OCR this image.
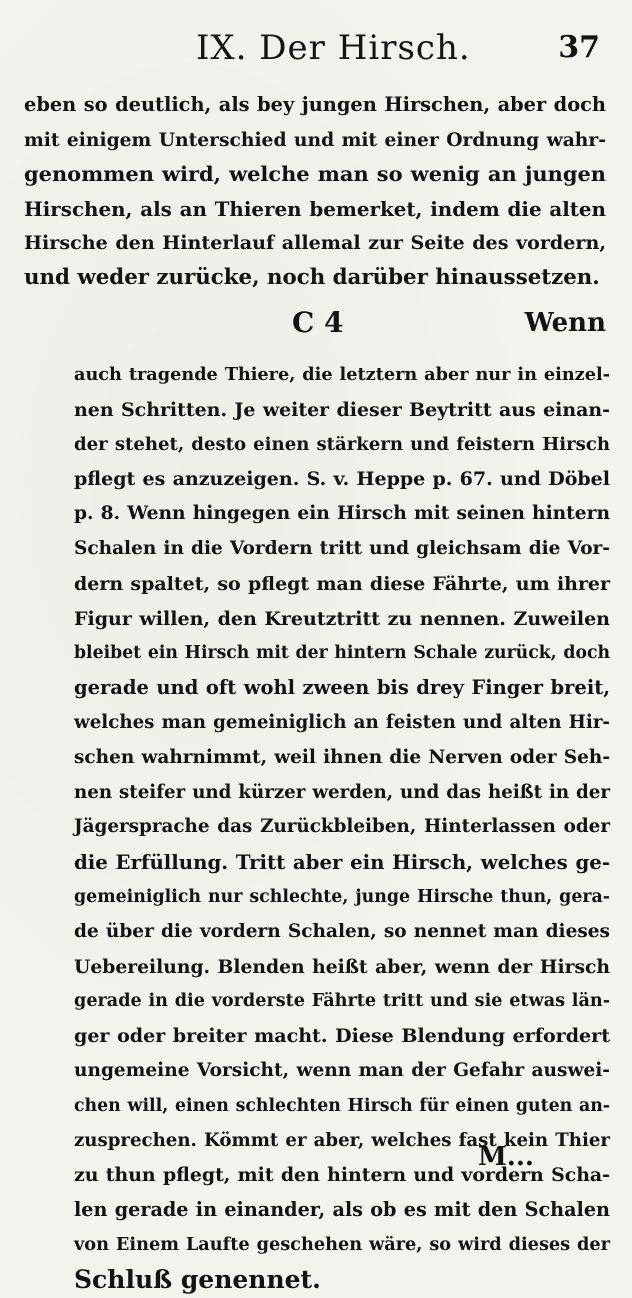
IX. Der Hirsch.	37
eben so deutlich, als bey jungen Hirschen, aber doch
mit einigem Unterschied und mit einer Ordnung wahr-
genommen wird, welche man so wenig an jungen
Hirschen, als an Thieren bemerket, indem die alten
Hirsche den Hinterlauf allemal zur Seite des vordern,
und weder zurücke, noch darüber hinaussetzen.
C 4	Wenn
auch tragende Thiere, die letztern aber nur in einzel-
nen Schritten. Je weiter dieser Beytritt aus einan-
der stehet, desto einen stärkern und feistern Hirsch
pflegt es anzuzeigen. S. v. Heppe p. 67. und Döbel
p. 8. Wenn hingegen ein Hirsch mit seinen hintern
Schalen in die Vordern tritt und gleichsam die Vor-
dern spaltet, so pflegt man diese Fährte, um ihrer
Figur willen, den Kreutztritt zu nennen. Zuweilen
bleibet ein Hirsch mit der hintern Schale zurück, doch
gerade und oft wohl zween bis drey Finger breit,
welches man gemeiniglich an feisten und alten Hir-
schen wahrnimmt, weil ihnen die Nerven oder Seh-
nen steifer und kürzer werden, und das heißt in der
Jägersprache das Zurückbleiben, Hinterlassen oder
die Erfüllung. Tritt aber ein Hirsch, welches ge-
gemeiniglich nur schlechte, junge Hirsche thun, gera-
de über die vordern Schalen, so nennet man dieses
Uebereilung. Blenden heißt aber, wenn der Hirsch
gerade in die vorderste Fährte tritt und sie etwas län-
ger oder breiter macht. Diese Blendung erfordert
ungemeine Vorsicht, wenn man der Gefahr auswei-
chen will, einen schlechten Hirsch für einen guten an-
zusprechen. Kömmt er aber, welches fast kein Thier
zu thun pflegt, mit den hintern und vordern Scha-
len gerade in einander, als ob es mit den Schalen
von Einem Laufte geschehen wäre, so wird dieses der
Schluß genennet.
M...
